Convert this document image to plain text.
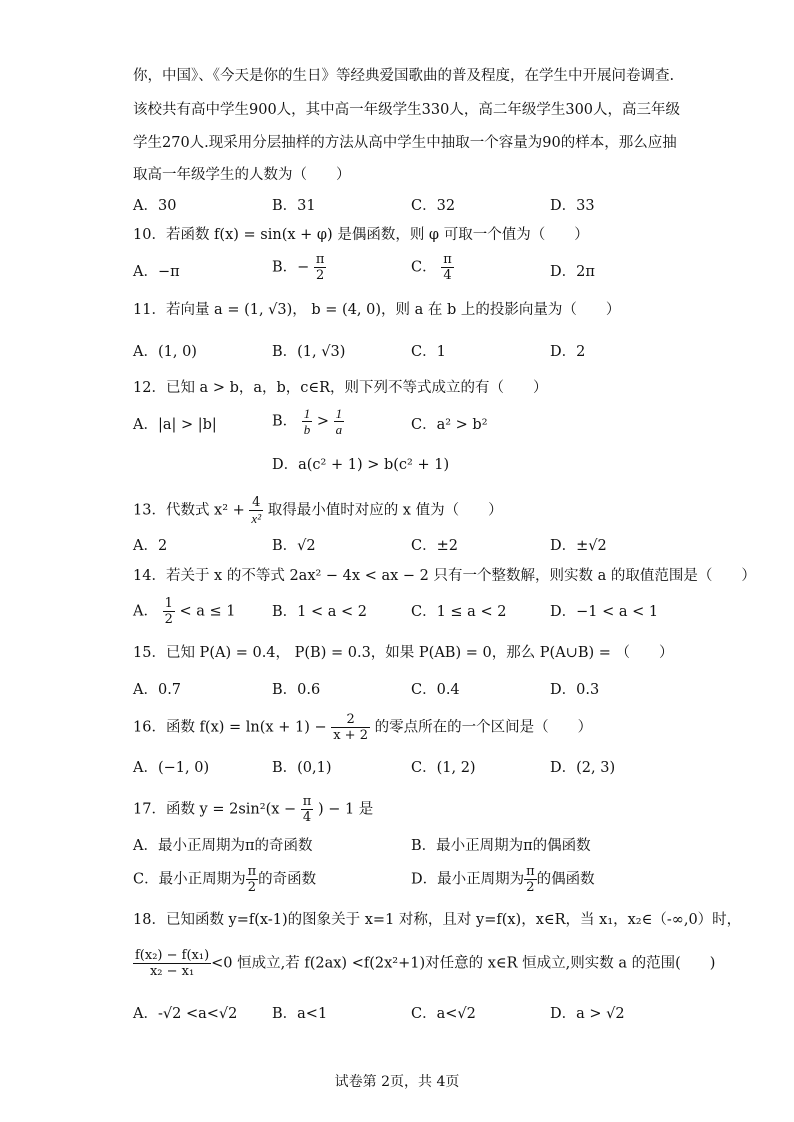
你，中国》、《今天是你的生日》等经典爱国歌曲的普及程度，在学生中开展问卷调查.
该校共有高中学生900人，其中高一年级学生330人，高二年级学生300人，高三年级
学生270人.现采用分层抽样的方法从高中学生中抽取一个容量为90的样本，那么应抽
取高一年级学生的人数为（　　）
A．30	B．31	C．32	D．33
10．若函数 f(x) = sin(x + φ) 是偶函数，则 φ 可取一个值为（　　）
A．−π	B．− $\frac{\pi}{2}$	C． $\frac{\pi}{4}$	D．2π
11．若向量 a = (1, √3)， b = (4, 0)，则 a 在 b 上的投影向量为（　　）
A．(1, 0)	B．(1, √3)	C．1	D．2
12．已知 a > b，a，b，c∈R，则下列不等式成立的有（　　）
A．|a| > |b|	B． $\frac{1}{b} > \frac{1}{a}$	C．a² > b²
D．a(c² + 1) > b(c² + 1)
13．代数式 $x^2 + \frac{4}{\text{x²}}$ 取得最小值时对应的 x 值为（　　）
A．2	B．√2	C．±2	D．±√2
14．若关于 x 的不等式 2ax² − 4x < ax − 2 只有一个整数解，则实数 a 的取值范围是（　　）
A． $\frac{1}{2} < a \le 1$	B．1 < a < 2	C．1 ≤ a < 2	D．−1 < a < 1
15．已知 P(A) = 0.4， P(B) = 0.3，如果 P(AB) = 0，那么 P(A∪B) = （　　）
A．0.7	B．0.6	C．0.4	D．0.3
16．函数 $f(x) = \ln(x + 1) - \frac{2}{x + 2}$ 的零点所在的一个区间是（　　）
A．(−1, 0)	B．(0,1)	C．(1, 2)	D．(2, 3)
17．函数 $y = 2\sin^2(x - \frac{\pi}{4}$ ) − 1 是
A．最小正周期为π的奇函数	B．最小正周期为π的偶函数
C．最小正周期为 $\frac{\pi}{2}$ 的奇函数	D．最小正周期为 $\frac{\pi}{2}$ 的偶函数
18．已知函数 y=f(x-1)的图象关于 x=1 对称，且对 y=f(x)，x∈R，当 x₁，x₂∈（-∞,0）时，
$\frac{\text{f(x₂) − f(x₁)}}{\text{x₂ − x₁}} <0$ 恒成立,若 f(2ax) <f(2x²+1)对任意的 x∈R 恒成立,则实数 a 的范围(　　)
A．-√2 <a<√2 B．a<1	C．a<√2	D．a > √2
试卷第 2页，共 4页
